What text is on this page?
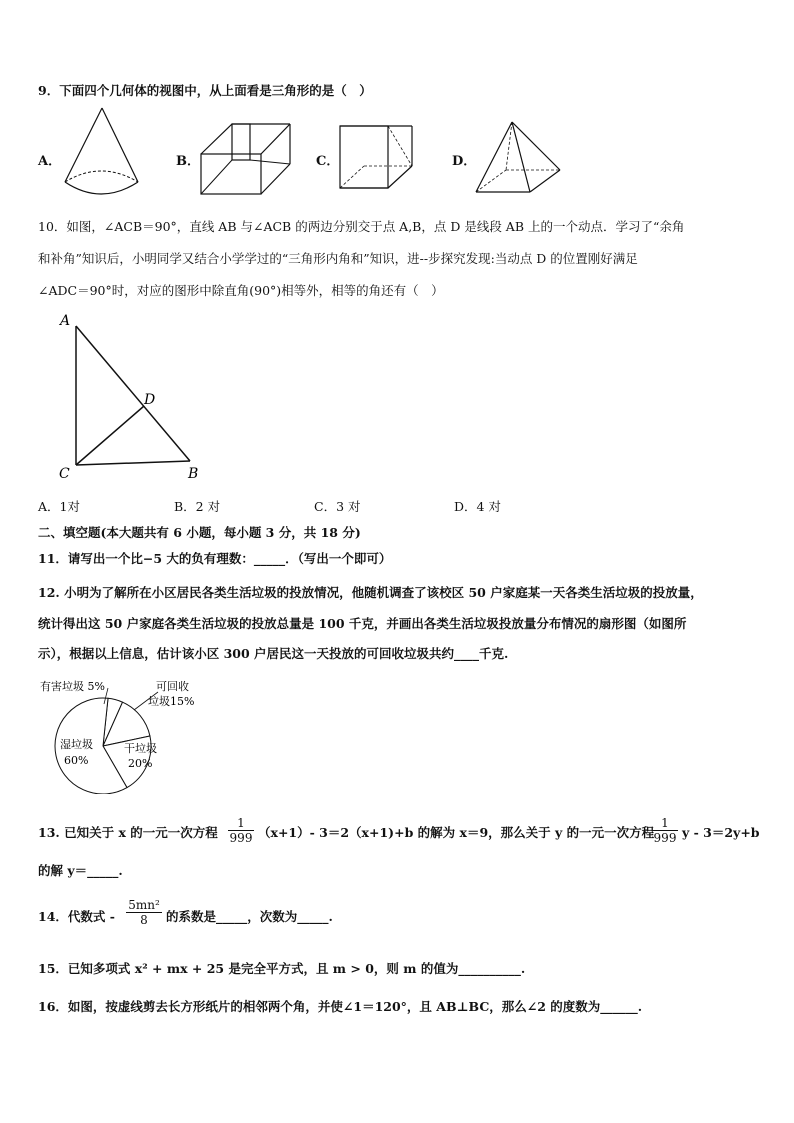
9．下面四个几何体的视图中，从上面看是三角形的是（　）
A．	B．	C．	D．
10．如图，∠ACB＝90°，直线 AB 与∠ACB 的两边分别交于点 A,B，点 D 是线段 AB 上的一个动点．学习了“余角
和补角”知识后，小明同学又结合小学学过的“三角形内角和”知识，进--步探究发现:当动点 D 的位置刚好满足
∠ADC＝90°时，对应的图形中除直角(90°)相等外，相等的角还有（　）
A
D
C	B
A．1对	B．2 对	C．3 对	D．4 对
二、填空题(本大题共有 6 小题，每小题 3 分，共 18 分)
11．请写出一个比−5 大的负有理数：_____．（写出一个即可）
12. 小明为了解所在小区居民各类生活垃圾的投放情况，他随机调查了该校区 50 户家庭某一天各类生活垃圾的投放量，
统计得出这 50 户家庭各类生活垃圾的投放总量是 100 千克，并画出各类生活垃圾投放量分布情况的扇形图（如图所
示），根据以上信息，估计该小区 300 户居民这一天投放的可回收垃圾共约____千克.
有害垃圾 5%	可回收
垃圾15%
湿垃圾
60%
干垃圾
20%
13. 已知关于 x 的一元一次方程 $\frac{1}{999} (x+1)-$ 3＝2（x+1)+b 的解为 x＝9，那么关于 y 的一元一次方程
$\frac{1}{999}$ y - 3＝2y+b
的解 y＝_____.
14．代数式 - $\frac{\text{5mn²}}{8}$ 的系数是_____，次数为_____.
15．已知多项式 x² + mx + 25 是完全平方式，且 m > 0，则 m 的值为__________.
16．如图，按虚线剪去长方形纸片的相邻两个角，并使∠1＝120°，且 AB⊥BC，那么∠2 的度数为______.
